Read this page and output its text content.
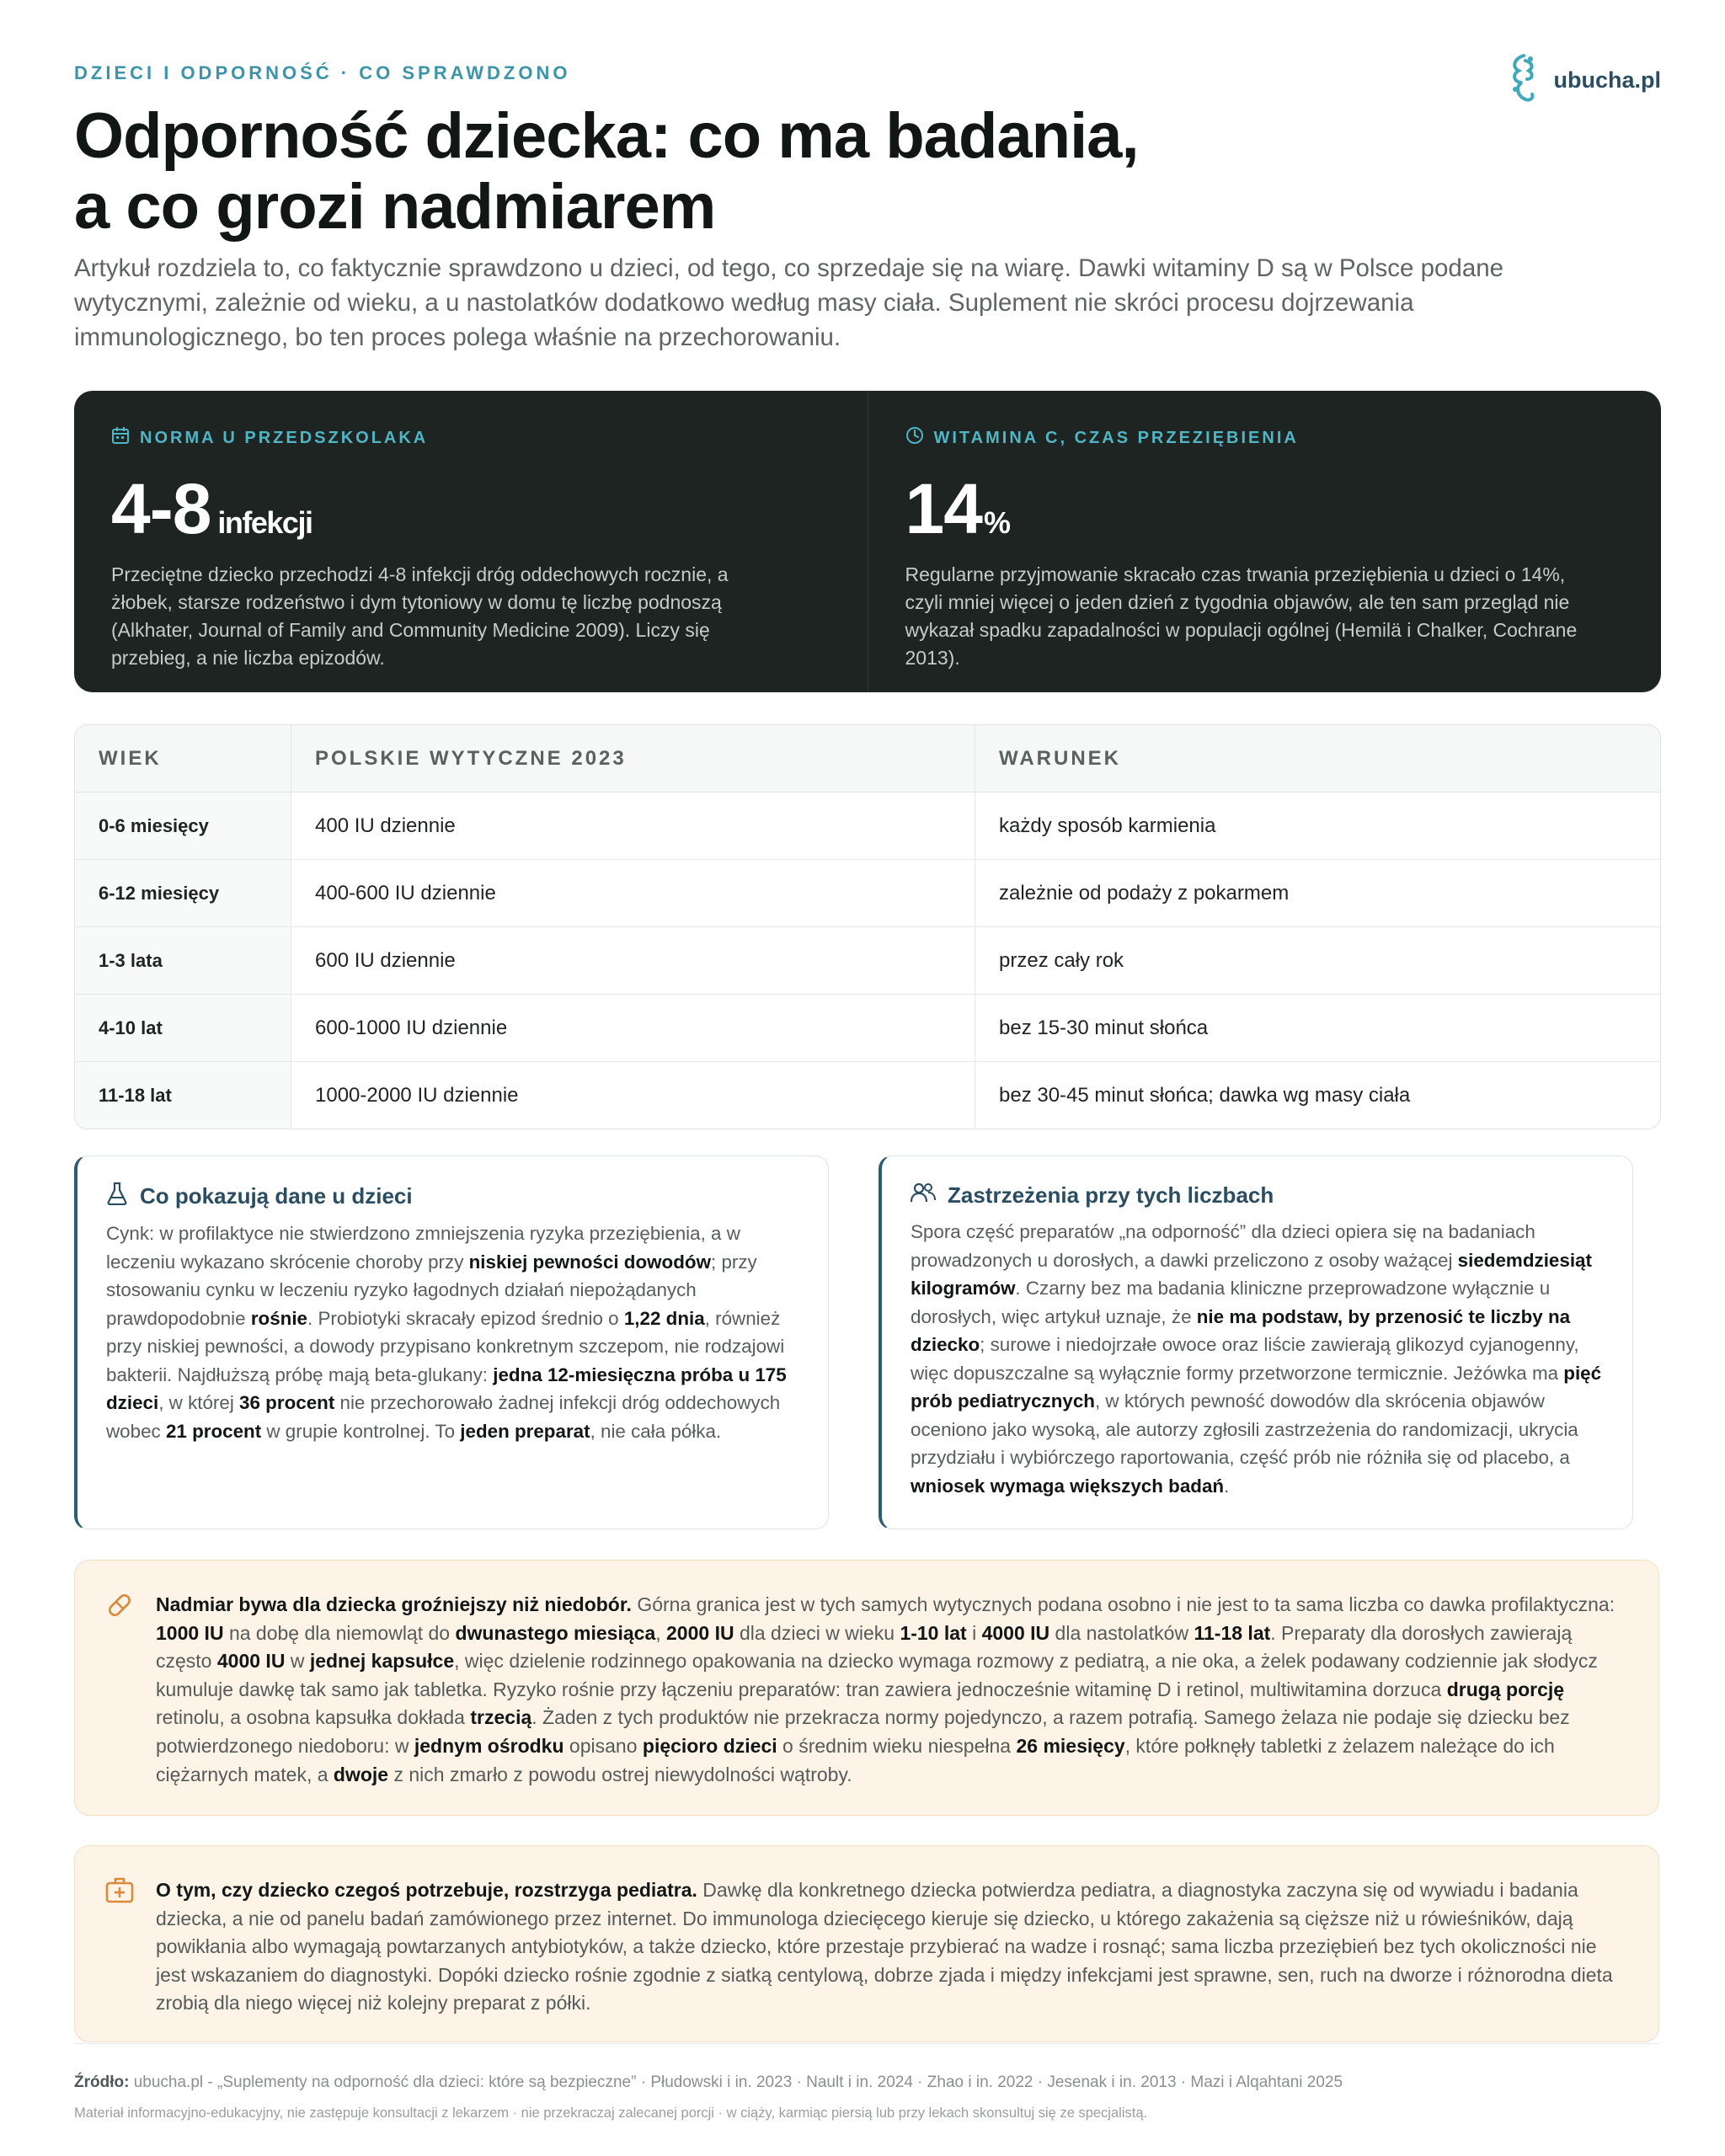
DZIECI I ODPORNOŚĆ · CO SPRAWDZONO	ubucha.pl
Odporność dziecka: co ma badania,
a co grozi nadmiarem

Artykuł rozdziela to, co faktycznie sprawdzono u dzieci, od tego, co sprzedaje się na wiarę. Dawki witaminy D są w Polsce podane wytycznymi, zależnie od wieku, a u nastolatków dodatkowo według masy ciała. Suplement nie skróci procesu dojrzewania immunologicznego, bo ten proces polega właśnie na przechorowaniu.

NORMA U PRZEDSZKOLAKA
4-8 infekcji

Przeciętne dziecko przechodzi 4-8 infekcji dróg oddechowych rocznie, a żłobek, starsze rodzeństwo i dym tytoniowy w domu tę liczbę podnoszą (Alkhater, Journal of Family and Community Medicine 2009). Liczy się przebieg, a nie liczba epizodów.

WITAMINA C, CZAS PRZEZIĘBIENIA
14 %

Regularne przyjmowanie skracało czas trwania przeziębienia u dzieci o 14%, czyli mniej więcej o jeden dzień z tygodnia objawów, ale ten sam przegląd nie wykazał spadku zapadalności w populacji ogólnej (Hemilä i Chalker, Cochrane 2013).

WIEK	POLSKIE WYTYCZNE 2023	WARUNEK
0-6 miesięcy	400 IU dziennie	każdy sposób karmienia
6-12 miesięcy	400-600 IU dziennie	zależnie od podaży z pokarmem
1-3 lata	600 IU dziennie	przez cały rok
4-10 lat	600-1000 IU dziennie	bez 15-30 minut słońca
11-18 lat	1000-2000 IU dziennie	bez 30-45 minut słońca; dawka wg masy ciała
Co pokazują dane u dzieci

Cynk: w profilaktyce nie stwierdzono zmniejszenia ryzyka przeziębienia, a w leczeniu wykazano skrócenie choroby przy niskiej pewności dowodów; przy stosowaniu cynku w leczeniu ryzyko łagodnych działań niepożądanych prawdopodobnie rośnie. Probiotyki skracały epizod średnio o 1,22 dnia, również przy niskiej pewności, a dowody przypisano konkretnym szczepom, nie rodzajowi bakterii. Najdłuższą próbę mają beta-glukany: jedna 12-miesięczna próba u 175 dzieci, w której 36 procent nie przechorowało żadnej infekcji dróg oddechowych wobec 21 procent w grupie kontrolnej. To jeden preparat, nie cała półka.

Zastrzeżenia przy tych liczbach

Spora część preparatów „na odporność” dla dzieci opiera się na badaniach prowadzonych u dorosłych, a dawki przeliczono z osoby ważącej siedemdziesiąt kilogramów. Czarny bez ma badania kliniczne przeprowadzone wyłącznie u dorosłych, więc artykuł uznaje, że nie ma podstaw, by przenosić te liczby na dziecko; surowe i niedojrzałe owoce oraz liście zawierają glikozyd cyjanogenny, więc dopuszczalne są wyłącznie formy przetworzone termicznie. Jeżówka ma pięć prób pediatrycznych, w których pewność dowodów dla skrócenia objawów oceniono jako wysoką, ale autorzy zgłosili zastrzeżenia do randomizacji, ukrycia przydziału i wybiórczego raportowania, część prób nie różniła się od placebo, a wniosek wymaga większych badań.

Nadmiar bywa dla dziecka groźniejszy niż niedobór. Górna granica jest w tych samych wytycznych podana osobno i nie jest to ta sama liczba co dawka profilaktyczna: 1000 IU na dobę dla niemowląt do dwunastego miesiąca, 2000 IU dla dzieci w wieku 1-10 lat i 4000 IU dla nastolatków 11-18 lat. Preparaty dla dorosłych zawierają często 4000 IU w jednej kapsułce, więc dzielenie rodzinnego opakowania na dziecko wymaga rozmowy z pediatrą, a nie oka, a żelek podawany codziennie jak słodycz kumuluje dawkę tak samo jak tabletka. Ryzyko rośnie przy łączeniu preparatów: tran zawiera jednocześnie witaminę D i retinol, multiwitamina dorzuca drugą porcję retinolu, a osobna kapsułka dokłada trzecią. Żaden z tych produktów nie przekracza normy pojedynczo, a razem potrafią. Samego żelaza nie podaje się dziecku bez potwierdzonego niedoboru: w jednym ośrodku opisano pięcioro dzieci o średnim wieku niespełna 26 miesięcy, które połknęły tabletki z żelazem należące do ich ciężarnych matek, a dwoje z nich zmarło z powodu ostrej niewydolności wątroby.

O tym, czy dziecko czegoś potrzebuje, rozstrzyga pediatra. Dawkę dla konkretnego dziecka potwierdza pediatra, a diagnostyka zaczyna się od wywiadu i badania dziecka, a nie od panelu badań zamówionego przez internet. Do immunologa dziecięcego kieruje się dziecko, u którego zakażenia są cięższe niż u rówieśników, dają powikłania albo wymagają powtarzanych antybiotyków, a także dziecko, które przestaje przybierać na wadze i rosnąć; sama liczba przeziębień bez tych okoliczności nie jest wskazaniem do diagnostyki. Dopóki dziecko rośnie zgodnie z siatką centylową, dobrze zjada i między infekcjami jest sprawne, sen, ruch na dworze i różnorodna dieta zrobią dla niego więcej niż kolejny preparat z półki.

Źródło: ubucha.pl - „Suplementy na odporność dla dzieci: które są bezpieczne” · Płudowski i in. 2023 · Nault i in. 2024 · Zhao i in. 2022 · Jesenak i in. 2013 · Mazi i Alqahtani 2025
Materiał informacyjno-edukacyjny, nie zastępuje konsultacji z lekarzem · nie przekraczaj zalecanej porcji · w ciąży, karmiąc piersią lub przy lekach skonsultuj się ze specjalistą.
